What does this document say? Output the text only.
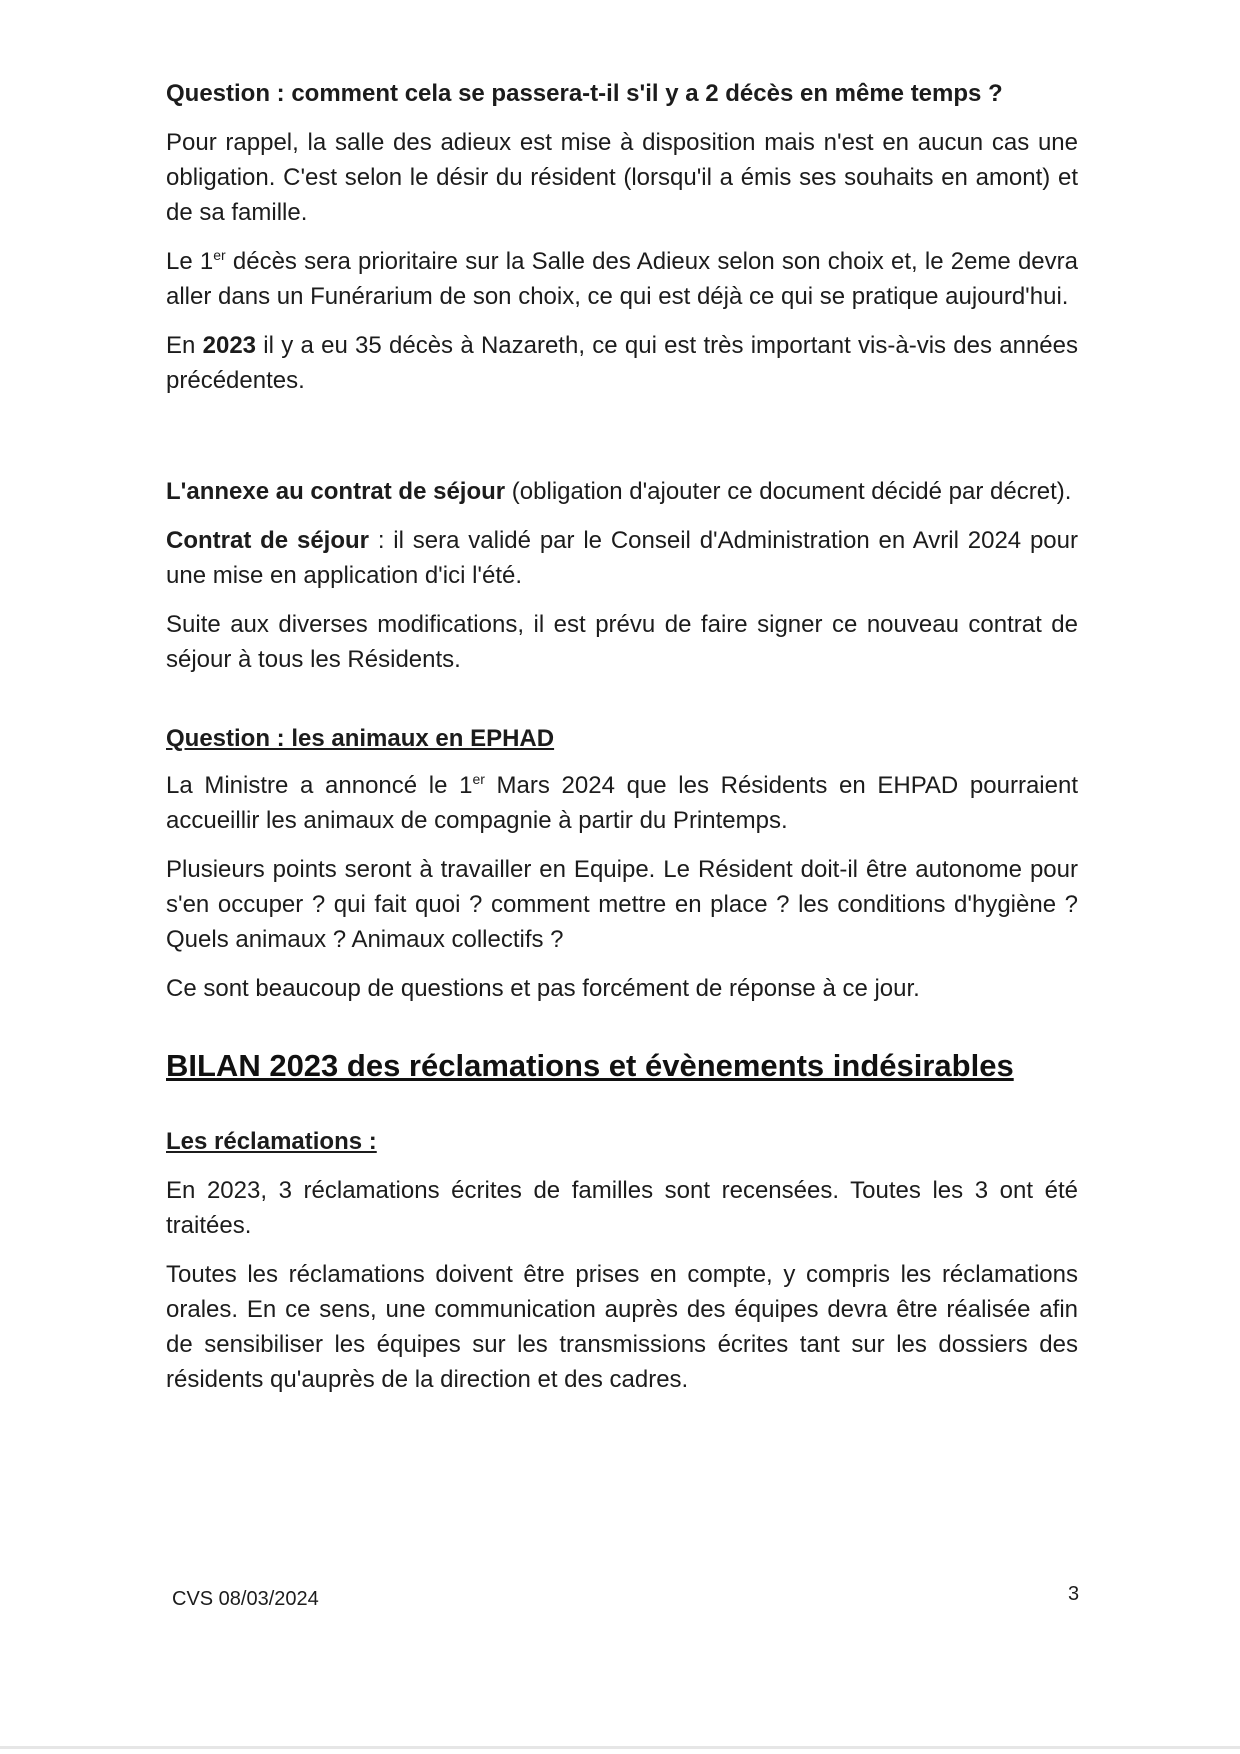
Question : comment cela se passera-t-il s'il y a 2 décès en même temps ?

Pour rappel, la salle des adieux est mise à disposition mais n'est en aucun cas une obligation. C'est selon le désir du résident (lorsqu'il a émis ses souhaits en amont) et de sa famille.

Le 1er décès sera prioritaire sur la Salle des Adieux selon son choix et, le 2eme devra aller dans un Funérarium de son choix, ce qui est déjà ce qui se pratique aujourd'hui.

En 2023 il y a eu 35 décès à Nazareth, ce qui est très important vis-à-vis des années précédentes.

L'annexe au contrat de séjour (obligation d'ajouter ce document décidé par décret).

Contrat de séjour : il sera validé par le Conseil d'Administration en Avril 2024 pour une mise en application d'ici l'été.

Suite aux diverses modifications, il est prévu de faire signer ce nouveau contrat de séjour à tous les Résidents.

Question : les animaux en EPHAD

La Ministre a annoncé le 1er Mars 2024 que les Résidents en EHPAD pourraient accueillir les animaux de compagnie à partir du Printemps.

Plusieurs points seront à travailler en Equipe. Le Résident doit-il être autonome pour s'en occuper ? qui fait quoi ? comment mettre en place ? les conditions d'hygiène ? Quels animaux ? Animaux collectifs ?

Ce sont beaucoup de questions et pas forcément de réponse à ce jour.

BILAN 2023 des réclamations et évènements indésirables

Les réclamations :

En 2023, 3 réclamations écrites de familles sont recensées. Toutes les 3 ont été traitées.

Toutes les réclamations doivent être prises en compte, y compris les réclamations orales. En ce sens, une communication auprès des équipes devra être réalisée afin de sensibiliser les équipes sur les transmissions écrites tant sur les dossiers des résidents qu'auprès de la direction et des cadres.

CVS 08/03/2024	3
